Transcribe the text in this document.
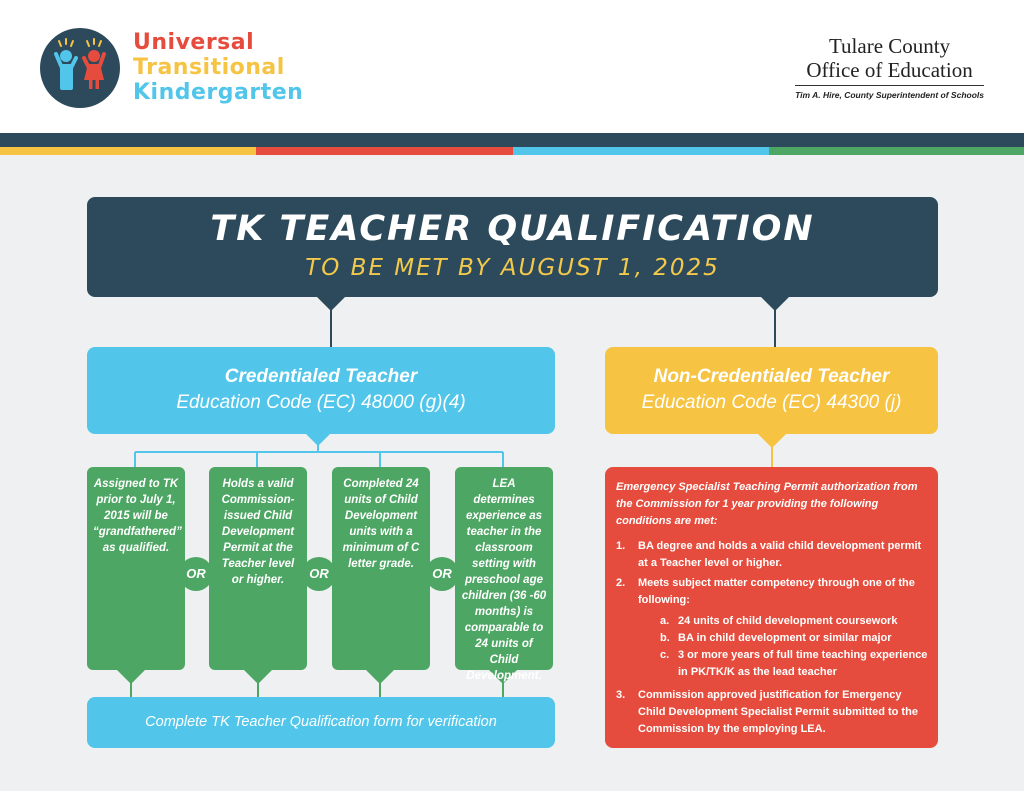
Universal
Transitional
Kindergarten
Tulare County
Office of Education
Tim A. Hire, County Superintendent of Schools
TK TEACHER QUALIFICATION
TO BE MET BY AUGUST 1, 2025
Credentialed Teacher
Education Code (EC) 48000 (g)(4)
Non-Credentialed Teacher
Education Code (EC) 44300 (j)
Assigned to TK prior to July 1, 2015 will be “grandfathered” as qualified.
Holds a valid Commission-issued Child Development Permit at the Teacher level or higher.
Completed 24 units of Child Development units with a minimum of C letter grade.
LEA determines experience as teacher in the classroom setting with preschool age children (36 -60 months) is comparable to 24 units of Child Development.
OR	OR	OR
Complete TK Teacher Qualification form for verification
Emergency Specialist Teaching Permit authorization from the Commission for 1 year providing the following conditions are met:
1. BA degree and holds a valid child development permit at a Teacher level or higher.
2. Meets subject matter competency through one of the following:
a. 24 units of child development coursework
b. BA in child development or similar major
c. 3 or more years of full time teaching experience in PK/TK/K as the lead teacher
3. Commission approved justification for Emergency Child Development Specialist Permit submitted to the Commission by the employing LEA.
